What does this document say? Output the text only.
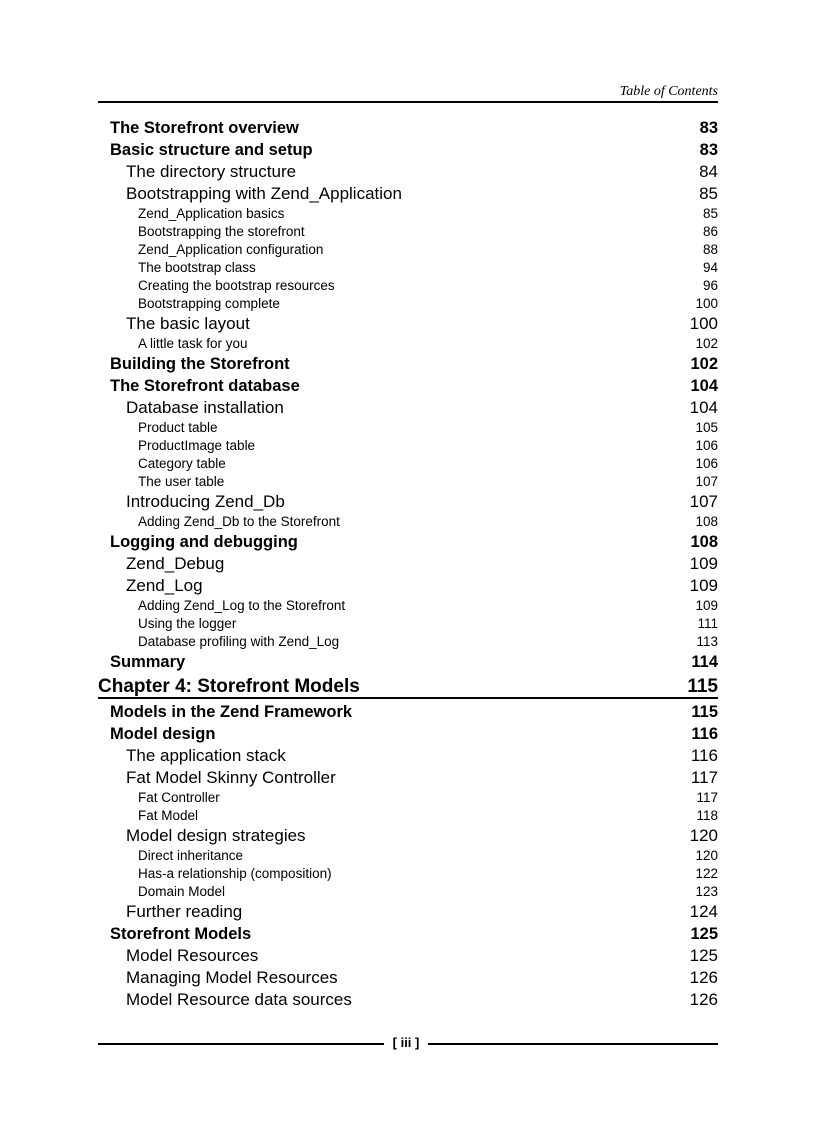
Table of Contents
The Storefront overview	83
Basic structure and setup	83
The directory structure	84
Bootstrapping with Zend_Application	85
Zend_Application basics	85
Bootstrapping the storefront	86
Zend_Application configuration	88
The bootstrap class	94
Creating the bootstrap resources	96
Bootstrapping complete	100
The basic layout	100
A little task for you	102
Building the Storefront	102
The Storefront database	104
Database installation	104
Product table	105
ProductImage table	106
Category table	106
The user table	107
Introducing Zend_Db	107
Adding Zend_Db to the Storefront	108
Logging and debugging	108
Zend_Debug	109
Zend_Log	109
Adding Zend_Log to the Storefront	109
Using the logger	111
Database profiling with Zend_Log	113
Summary	114
Chapter 4: Storefront Models	115
Models in the Zend Framework	115
Model design	116
The application stack	116
Fat Model Skinny Controller	117
Fat Controller	117
Fat Model	118
Model design strategies	120
Direct inheritance	120
Has-a relationship (composition)	122
Domain Model	123
Further reading	124
Storefront Models	125
Model Resources	125
Managing Model Resources	126
Model Resource data sources	126
[ iii ]
